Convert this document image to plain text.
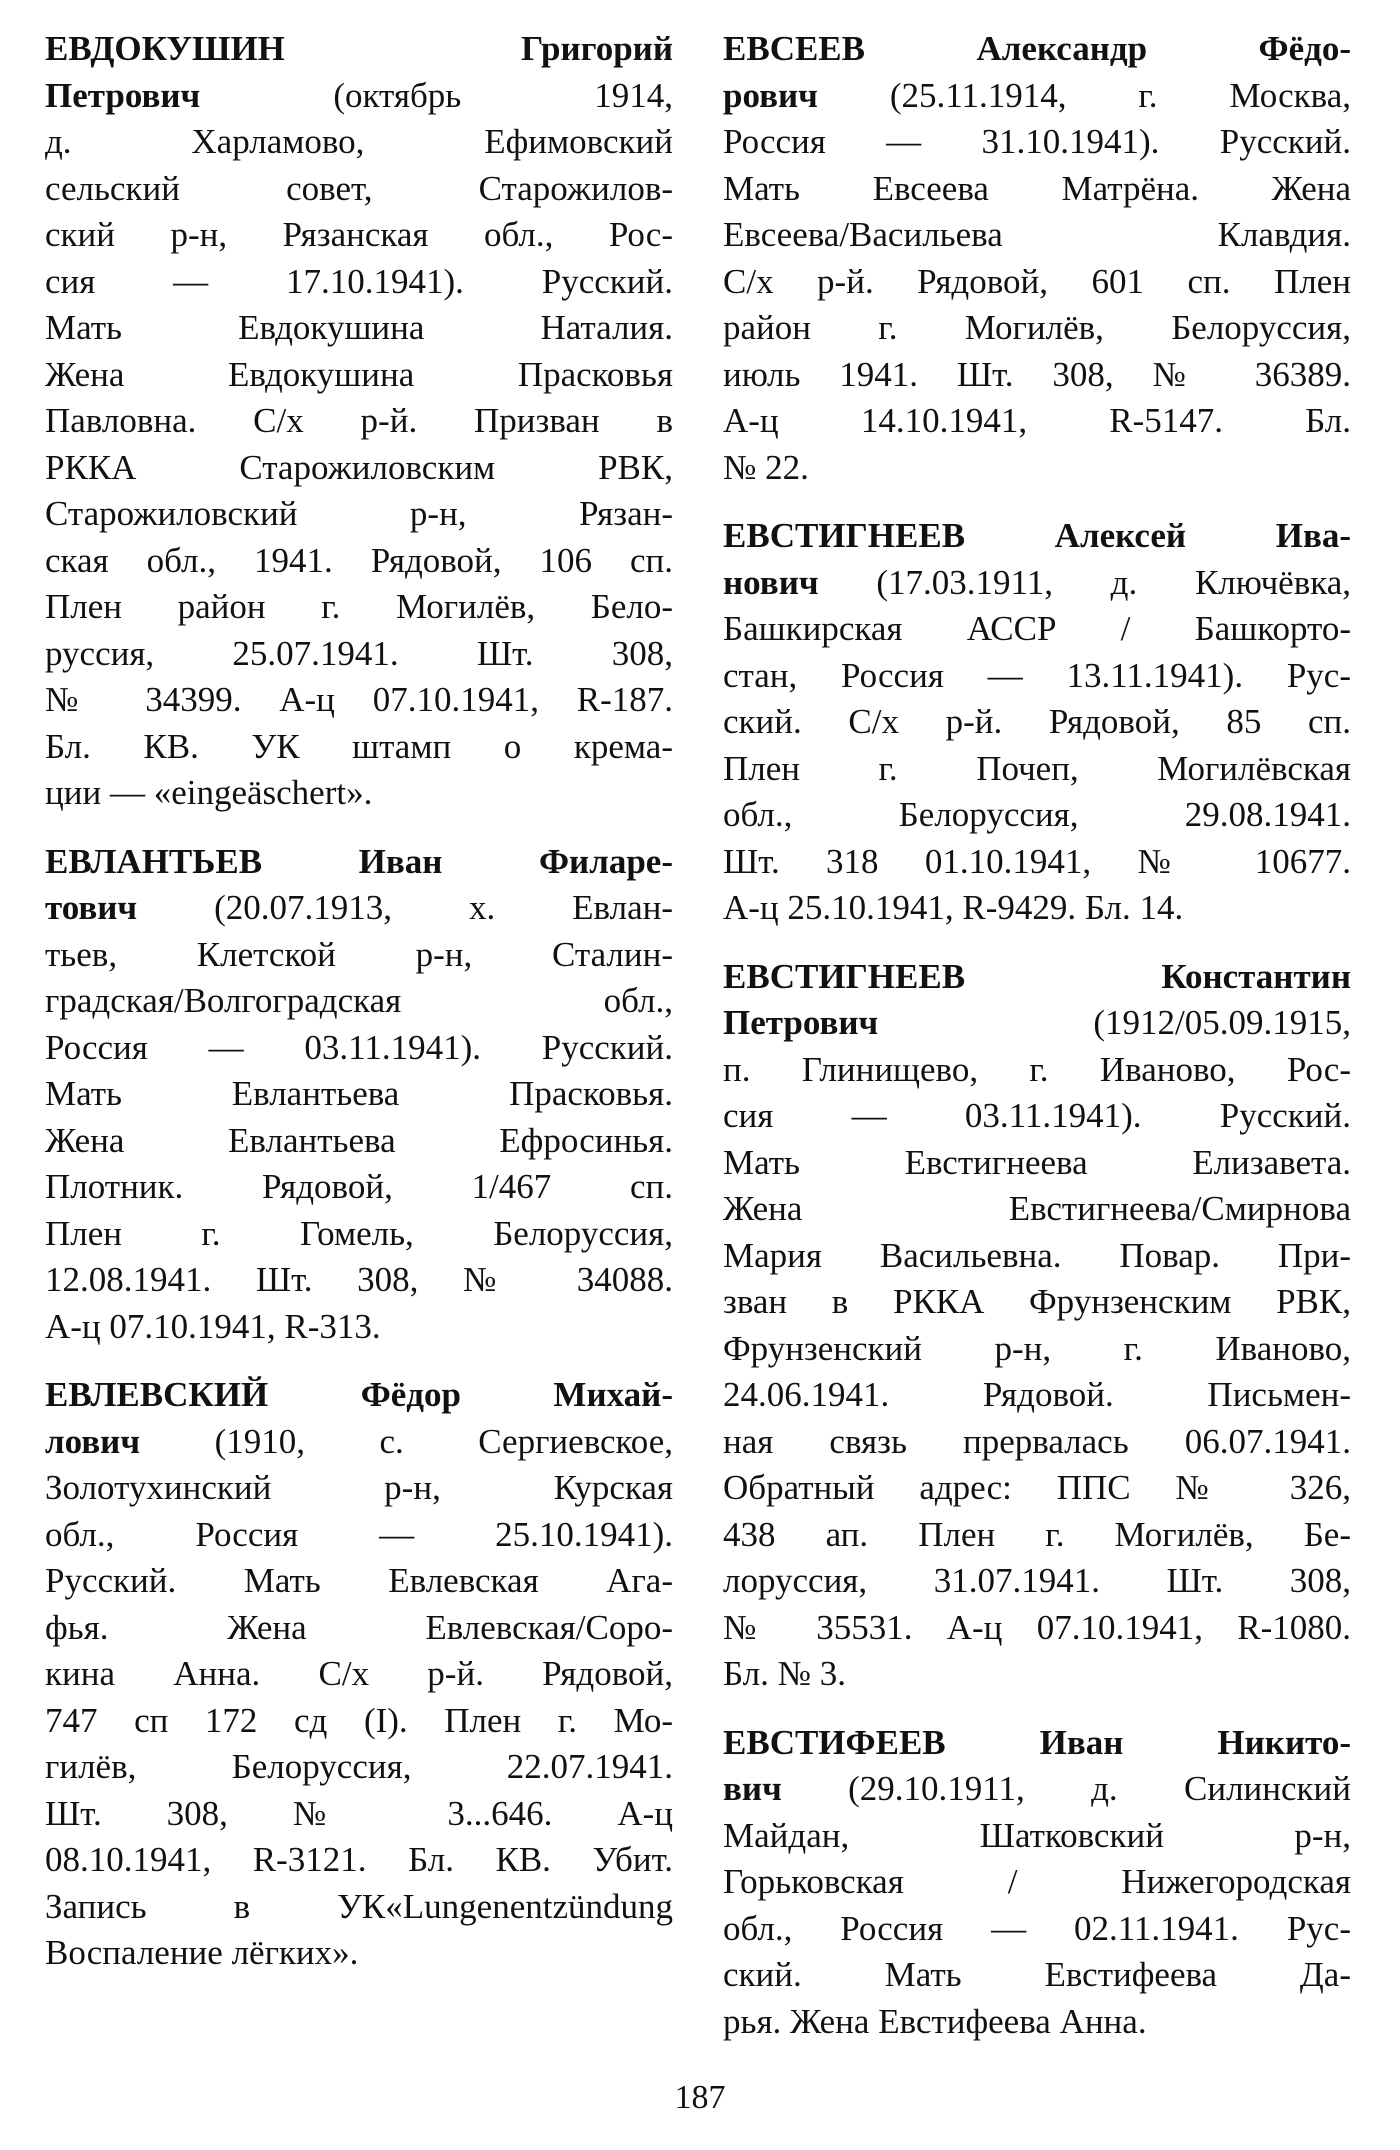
ЕВДОКУШИН Григорий
Петрович (октябрь 1914,
д. Харламово, Ефимовский
сельский совет, Старожилов-
ский р-н, Рязанская обл., Рос-
сия — 17.10.1941). Русский.
Мать Евдокушина Наталия.
Жена Евдокушина Прасковья
Павловна. С/х р-й. Призван в
РККА Старожиловским РВК,
Старожиловский р-н, Рязан-
ская обл., 1941. Рядовой, 106 сп.
Плен район г. Могилёв, Бело-
руссия, 25.07.1941. Шт. 308,
№ 34399. А-ц 07.10.1941, R-187.
Бл. КВ. УК штамп о крема-
ции — «eingeäschert».
ЕВЛАНТЬЕВ Иван Филаре-
тович (20.07.1913, х. Евлан-
тьев, Клетской р-н, Сталин-
градская/Волгоградская обл.,
Россия — 03.11.1941). Русский.
Мать Евлантьева Прасковья.
Жена Евлантьева Ефросинья.
Плотник. Рядовой, 1/467 сп.
Плен г. Гомель, Белоруссия,
12.08.1941. Шт. 308, № 34088.
А-ц 07.10.1941, R-313.
ЕВЛЕВСКИЙ Фёдор Михай-
лович (1910, с. Сергиевское,
Золотухинский р-н, Курская
обл., Россия — 25.10.1941).
Русский. Мать Евлевская Ага-
фья. Жена Евлевская/Соро-
кина Анна. С/х р-й. Рядовой,
747 сп 172 сд (I). Плен г. Мо-
гилёв, Белоруссия, 22.07.1941.
Шт. 308, № 3...646. А-ц
08.10.1941, R-3121. Бл. КВ. Убит.
Запись в УК«Lungenentzündung
Воспаление лёгких».
ЕВСЕЕВ Александр Фёдо-
рович (25.11.1914, г. Москва,
Россия — 31.10.1941). Русский.
Мать Евсеева Матрёна. Жена
Евсеева/Васильева Клавдия.
С/х р-й. Рядовой, 601 сп. Плен
район г. Могилёв, Белоруссия,
июль 1941. Шт. 308, № 36389.
А-ц 14.10.1941, R-5147. Бл.
№ 22.
ЕВСТИГНЕЕВ Алексей Ива-
нович (17.03.1911, д. Ключёвка,
Башкирская АССР / Башкорто-
стан, Россия — 13.11.1941). Рус-
ский. С/х р-й. Рядовой, 85 сп.
Плен г. Почеп, Могилёвская
обл., Белоруссия, 29.08.1941.
Шт. 318 01.10.1941, № 10677.
А-ц 25.10.1941, R-9429. Бл. 14.
ЕВСТИГНЕЕВ Константин
Петрович (1912/05.09.1915,
п. Глинищево, г. Иваново, Рос-
сия — 03.11.1941). Русский.
Мать Евстигнеева Елизавета.
Жена Евстигнеева/Смирнова
Мария Васильевна. Повар. При-
зван в РККА Фрунзенским РВК,
Фрунзенский р-н, г. Иваново,
24.06.1941. Рядовой. Письмен-
ная связь прервалась 06.07.1941.
Обратный адрес: ППС № 326,
438 ап. Плен г. Могилёв, Бе-
лоруссия, 31.07.1941. Шт. 308,
№ 35531. А-ц 07.10.1941, R-1080.
Бл. № 3.
ЕВСТИФЕЕВ Иван Никито-
вич (29.10.1911, д. Силинский
Майдан, Шатковский р-н,
Горьковская / Нижегородская
обл., Россия — 02.11.1941. Рус-
ский. Мать Евстифеева Да-
рья. Жена Евстифеева Анна.
187
